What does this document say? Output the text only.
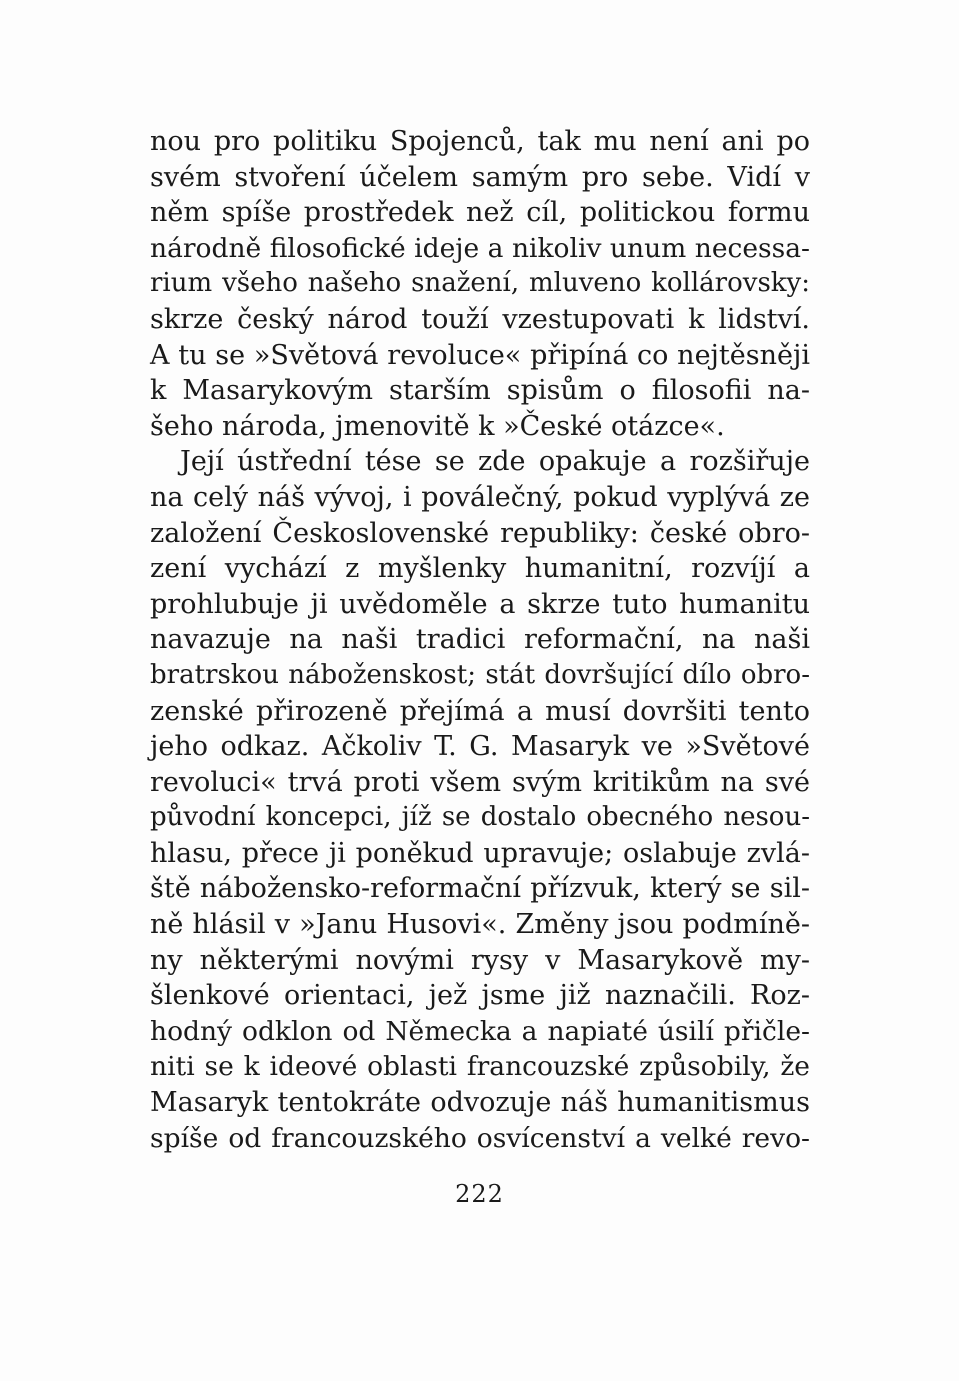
nou pro politiku Spojenců, tak mu není ani po
svém stvoření účelem samým pro sebe. Vidí v
něm spíše prostředek než cíl, politickou formu
národně filosofické ideje a nikoliv unum necessa-
rium všeho našeho snažení, mluveno kollárovsky:
skrze český národ touží vzestupovati k lidství.
A tu se »Světová revoluce« připíná co nejtěsněji
k Masarykovým starším spisům o filosofii na-
šeho národa, jmenovitě k »České otázce«.
Její ústřední tése se zde opakuje a rozšiřuje
na celý náš vývoj, i poválečný, pokud vyplývá ze
založení Československé republiky: české obro-
zení vychází z myšlenky humanitní, rozvíjí a
prohlubuje ji uvědoměle a skrze tuto humanitu
navazuje na naši tradici reformační, na naši
bratrskou náboženskost; stát dovršující dílo obro-
zenské přirozeně přejímá a musí dovršiti tento
jeho odkaz. Ačkoliv T. G. Masaryk ve »Světové
revoluci« trvá proti všem svým kritikům na své
původní koncepci, jíž se dostalo obecného nesou-
hlasu, přece ji poněkud upravuje; oslabuje zvlá-
ště nábožensko-reformační přízvuk, který se sil-
ně hlásil v »Janu Husovi«. Změny jsou podmíně-
ny některými novými rysy v Masarykově my-
šlenkové orientaci, jež jsme již naznačili. Roz-
hodný odklon od Německa a napiaté úsilí přičle-
niti se k ideové oblasti francouzské způsobily, že
Masaryk tentokráte odvozuje náš humanitismus
spíše od francouzského osvícenství a velké revo-
222
